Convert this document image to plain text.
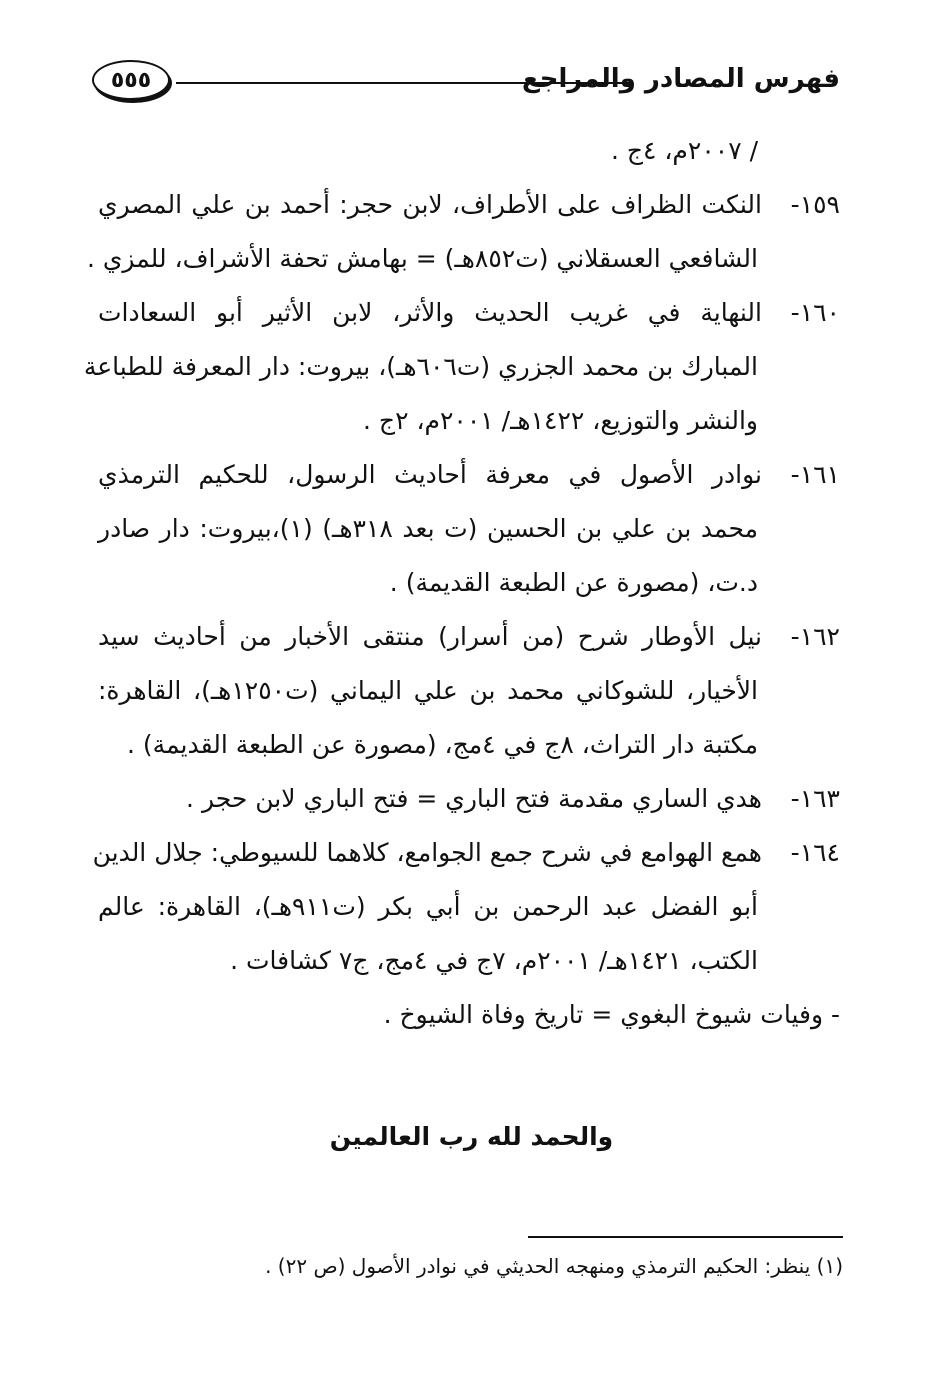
٥٥٥	فهرس المصادر والمراجع
/ ٢٠٠٧م، ٤ج .
١٥٩-النكت الظراف على الأطراف، لابن حجر: أحمد بن علي المصري
الشافعي العسقلاني (ت٨٥٢هـ) = بهامش تحفة الأشراف، للمزي .
١٦٠-النهاية في غريب الحديث والأثر، لابن الأثير أبو السعادات
المبارك بن محمد الجزري (ت٦٠٦هـ)، بيروت: دار المعرفة للطباعة
والنشر والتوزيع، ١٤٢٢هـ/ ٢٠٠١م، ٢ج .
١٦١-نوادر الأصول في معرفة أحاديث الرسول، للحكيم الترمذي
محمد بن علي بن الحسين (ت بعد ٣١٨هـ) (١)،بيروت: دار صادر
د.ت، (مصورة عن الطبعة القديمة) .
١٦٢-نيل الأوطار شرح (من أسرار) منتقى الأخبار من أحاديث سيد
الأخيار، للشوكاني محمد بن علي اليماني (ت١٢٥٠هـ)، القاهرة:
مكتبة دار التراث، ٨ج في ٤مج، (مصورة عن الطبعة القديمة) .
١٦٣-هدي الساري مقدمة فتح الباري = فتح الباري لابن حجر .
١٦٤-همع الهوامع في شرح جمع الجوامع، كلاهما للسيوطي: جلال الدين
أبو الفضل عبد الرحمن بن أبي بكر (ت٩١١هـ)، القاهرة: عالم
الكتب، ١٤٢١هـ/ ٢٠٠١م، ٧ج في ٤مج، ج٧ كشافات .
- وفيات شيوخ البغوي = تاريخ وفاة الشيوخ .
والحمد لله رب العالمين
(١) ينظر: الحكيم الترمذي ومنهجه الحديثي في نوادر الأصول (ص ٢٢) .
